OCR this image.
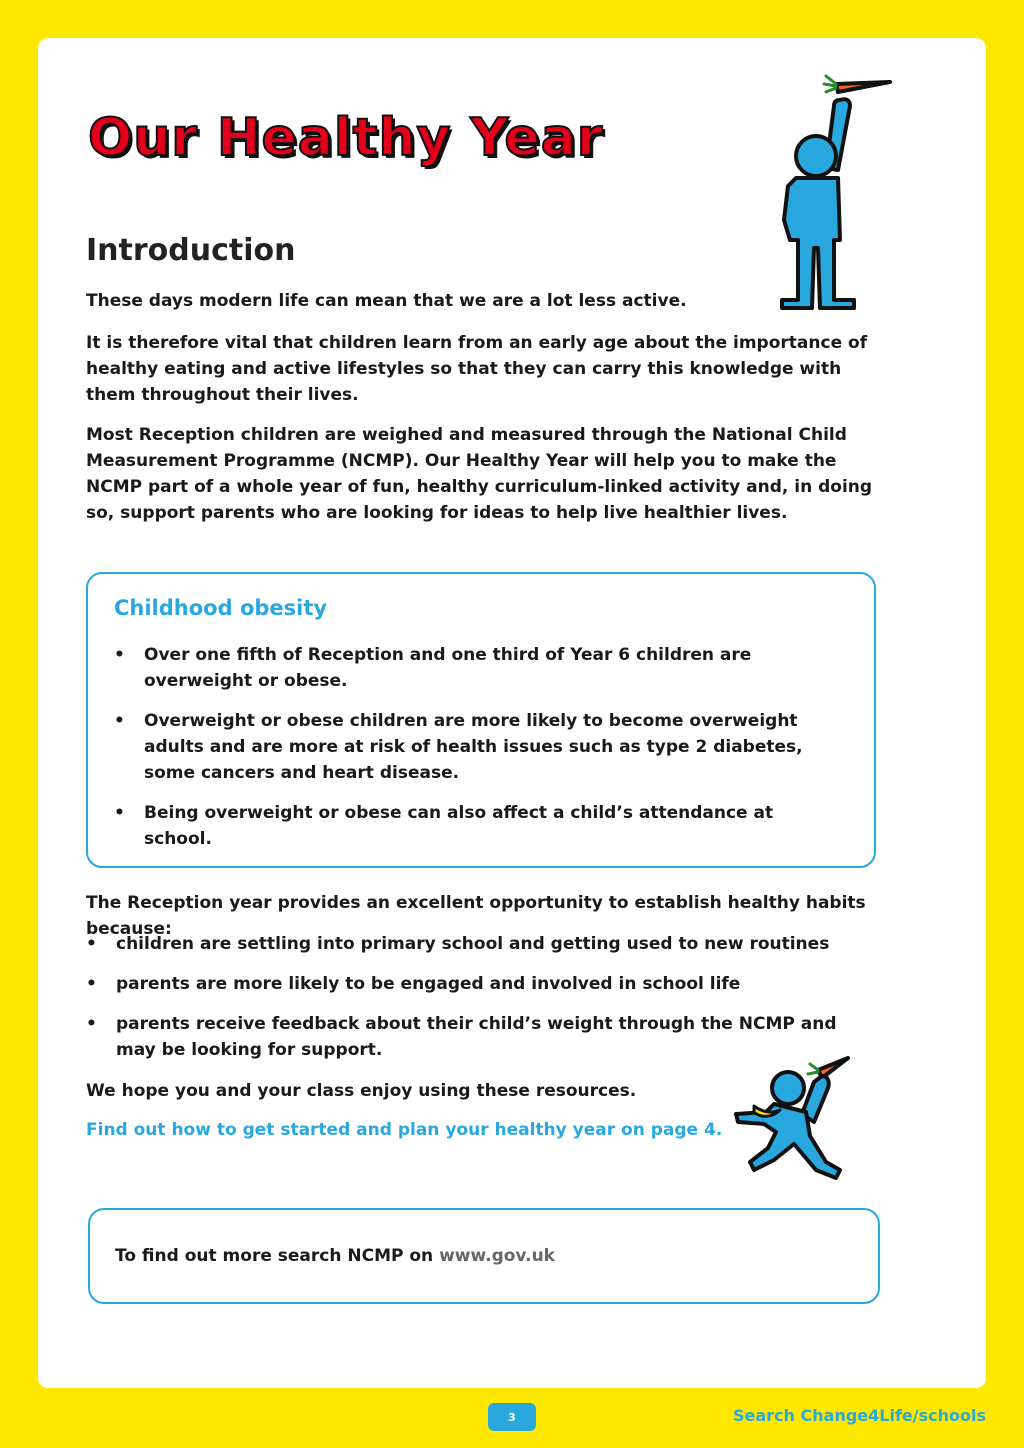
Our Healthy Year
Introduction

These days modern life can mean that we are a lot less active.

It is therefore vital that children learn from an early age about the importance of healthy eating and active lifestyles so that they can carry this knowledge with them throughout their lives.

Most Reception children are weighed and measured through the National Child Measurement Programme (NCMP). Our Healthy Year will help you to make the NCMP part of a whole year of fun, healthy curriculum-linked activity and, in doing so, support parents who are looking for ideas to help live healthier lives.

Childhood obesity
•	Over one fifth of Reception and one third of Year 6 children are overweight or obese.
•	Overweight or obese children are more likely to become overweight adults and are more at risk of health issues such as type 2 diabetes, some cancers and heart disease.
•	Being overweight or obese can also affect a child’s attendance at school.

The Reception year provides an excellent opportunity to establish healthy habits because:

•	children are settling into primary school and getting used to new routines
•	parents are more likely to be engaged and involved in school life
•	parents receive feedback about their child’s weight through the NCMP and may be looking for support.

We hope you and your class enjoy using these resources.

Find out how to get started and plan your healthy year on page 4.

To find out more search NCMP on www.gov.uk

3	Search Change4Life/schools
